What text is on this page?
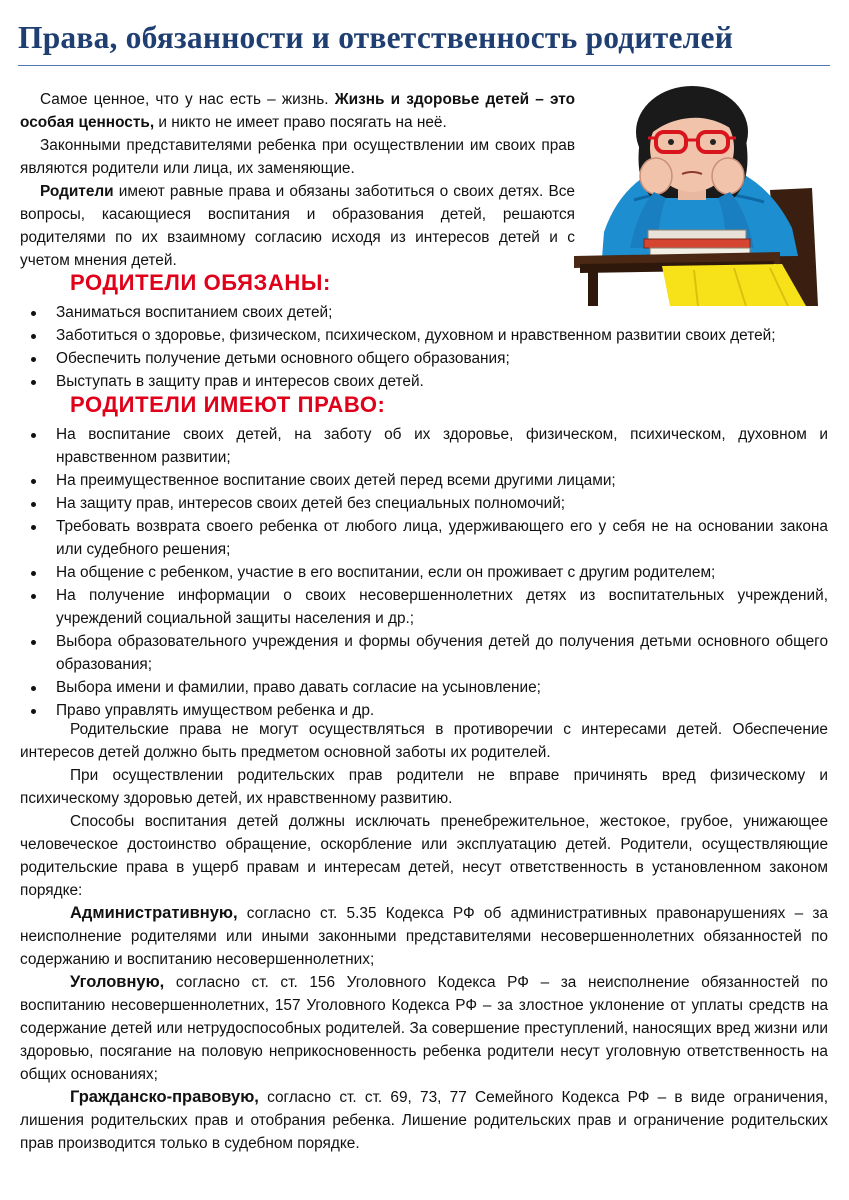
Права, обязанности и ответственность родителей

Самое ценное, что у нас есть – жизнь. Жизнь и здоровье детей – это особая ценность, и никто не имеет право посягать на неё.

Законными представителями ребенка при осуществлении им своих прав являются родители или лица, их заменяющие.

Родители имеют равные права и обязаны заботиться о своих детях. Все вопросы, касающиеся воспитания и образования детей, решаются родителями по их взаимному согласию исходя из интересов детей и с учетом мнения детей.

РОДИТЕЛИ ОБЯЗАНЫ:
Заниматься воспитанием своих детей;
Заботиться о здоровье, физическом, психическом, духовном и нравственном развитии своих детей;
Обеспечить получение детьми основного общего образования;
Выступать в защиту прав и интересов своих детей.
РОДИТЕЛИ ИМЕЮТ ПРАВО:
На воспитание своих детей, на заботу об их здоровье, физическом, психическом, духовном и нравственном развитии;
На преимущественное воспитание своих детей перед всеми другими лицами;
На защиту прав, интересов своих детей без специальных полномочий;
Требовать возврата своего ребенка от любого лица, удерживающего его у себя не на основании закона или судебного решения;
На общение с ребенком, участие в его воспитании, если он проживает с другим родителем;
На получение информации о своих несовершеннолетних детях из воспитательных учреждений, учреждений социальной защиты населения и др.;
Выбора образовательного учреждения и формы обучения детей до получения детьми основного общего образования;
Выбора имени и фамилии, право давать согласие на усыновление;
Право управлять имуществом ребенка и др.

Родительские права не могут осуществляться в противоречии с интересами детей. Обеспечение интересов детей должно быть предметом основной заботы их родителей.

При осуществлении родительских прав родители не вправе причинять вред физическому и психическому здоровью детей, их нравственному развитию.

Способы воспитания детей должны исключать пренебрежительное, жестокое, грубое, унижающее человеческое достоинство обращение, оскорбление или эксплуатацию детей. Родители, осуществляющие родительские права в ущерб правам и интересам детей, несут ответственность в установленном законом порядке:

Административную, согласно ст. 5.35 Кодекса РФ об административных правонарушениях – за неисполнение родителями или иными законными представителями несовершеннолетних обязанностей по содержанию и воспитанию несовершеннолетних;

Уголовную, согласно ст. ст. 156 Уголовного Кодекса РФ – за неисполнение обязанностей по воспитанию несовершеннолетних, 157 Уголовного Кодекса РФ – за злостное уклонение от уплаты средств на содержание детей или нетрудоспособных родителей. За совершение преступлений, наносящих вред жизни или здоровью, посягание на половую неприкосновенность ребенка родители несут уголовную ответственность на общих основаниях;

Гражданско-правовую, согласно ст. ст. 69, 73, 77 Семейного Кодекса РФ – в виде ограничения, лишения родительских прав и отобрания ребенка. Лишение родительских прав и ограничение родительских прав производится только в судебном порядке.
